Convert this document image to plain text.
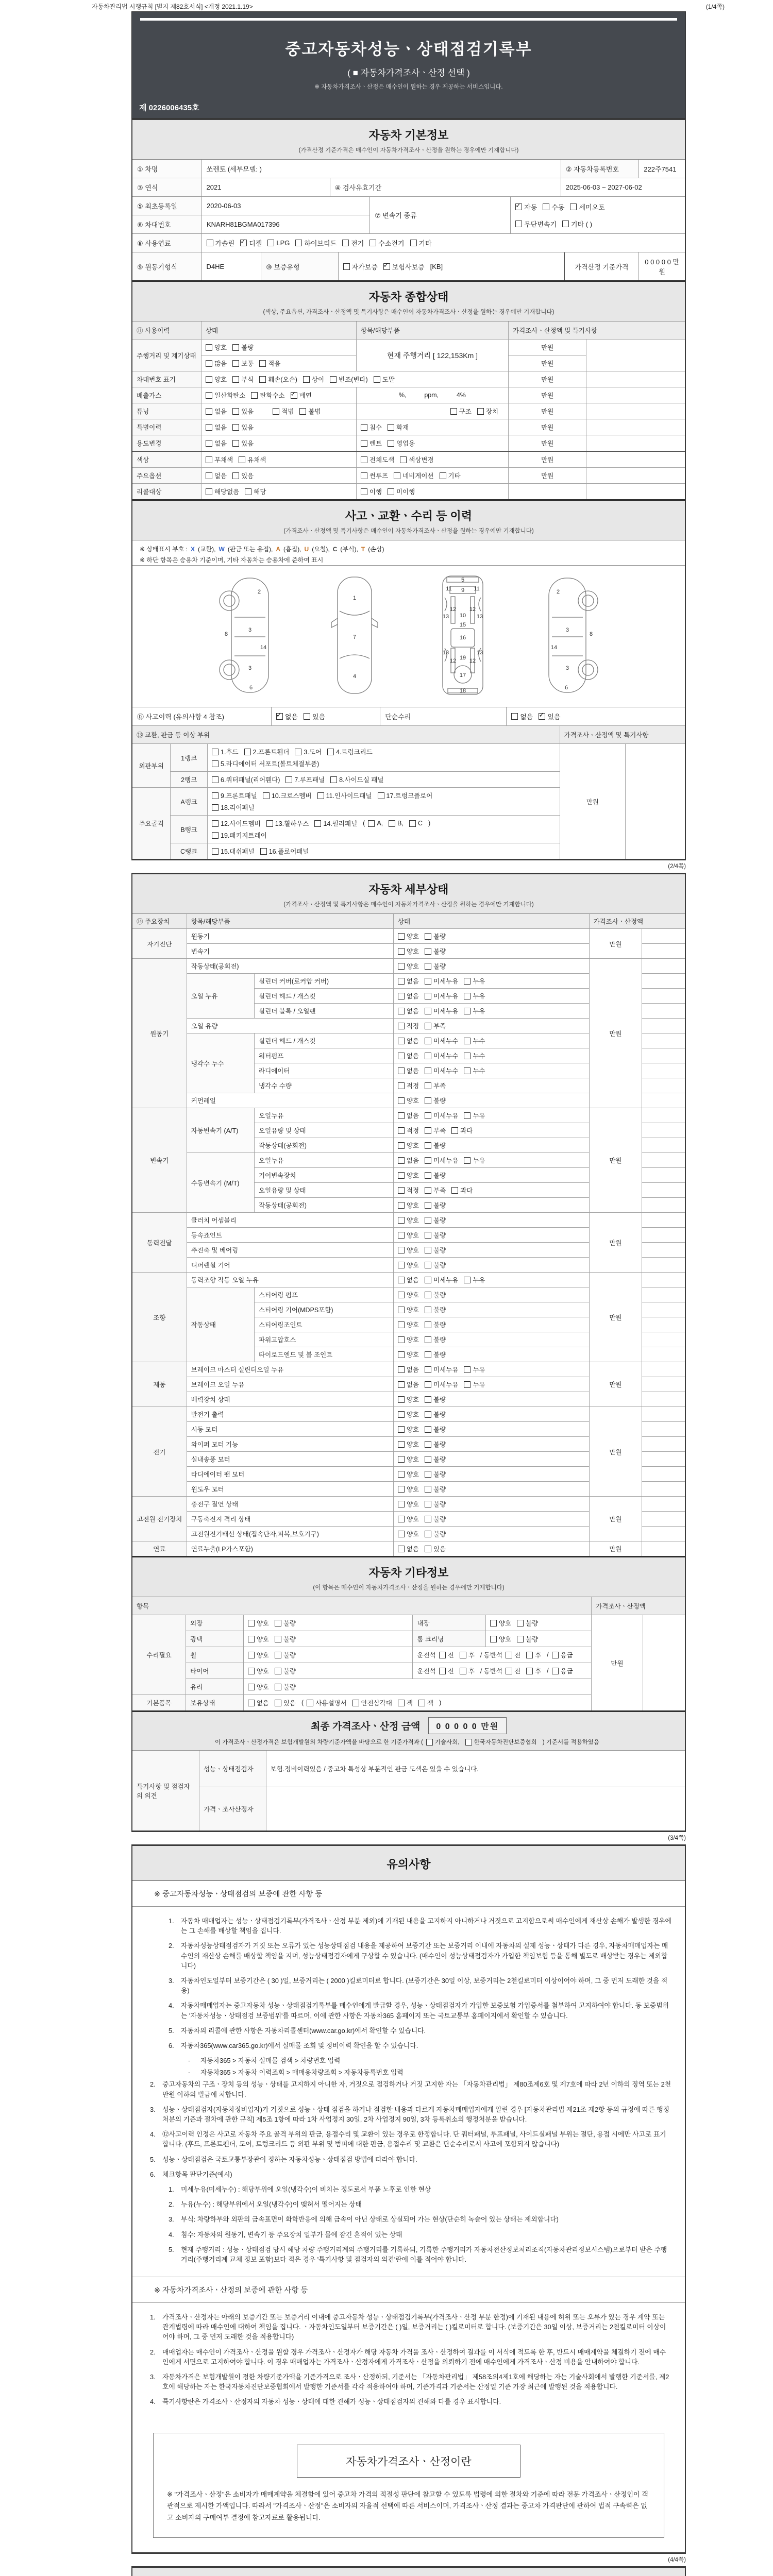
자동차관리법 시행규칙 [별지 제82호서식] <개정 2021.1.19>	(1/4쪽)
중고자동차성능ㆍ상태점검기록부
( ■ 자동차가격조사ㆍ산정 선택 )
※ 자동차가격조사ㆍ산정은 매수인이 원하는 경우 제공하는 서비스입니다.
제 0226006435호
자동차 기본정보
(가격산정 기준가격은 매수인이 자동차가격조사ㆍ산정을 원하는 경우에만 기재합니다)
① 차명	쏘렌토 (세부모델: )	② 자동차등록번호	222주7541
③ 연식	2021	④ 검사유효기간	2025-06-03 ~ 2027-06-02
⑤ 최초등록일	2020-06-03
⑥ 차대번호	KNARH81BGMA017396
⑦ 변속기 종류
✓
자동 수동 세미오토
무단변속기 기타 ( )
⑧ 사용연료	가솔린 ✓ 디젤 LPG 하이브리드 전기 수소전기 기타
⑨ 원동기형식	D4HE	⑩ 보증유형	자가보증 ✓ 보험사보증 [KB]	가격산정 기준가격
0 0 0 0 0 만원
자동차 종합상태
(색상, 주요옵션, 가격조사ㆍ산정액 및 특기사항은 매수인이 자동차가격조사ㆍ산정을 원하는 경우에만 기재합니다)
⑪ 사용이력	상태	항목/해당부품	가격조사ㆍ산정액 및 특기사항	
주행거리 및 계기상태	양호 불량	현재 주행거리 [ 122,153Km ]	만원	

	많음 보통 적음		만원	
차대번호 표기	양호 부식 훼손(오손) 상이 변조(변타) 도말	만원	
배출가스	일산화탄소 탄화수소 ✓ 매연	%,          ppm,          4%	만원	
튜닝	없음 있음 적법 불법	구조 장치	만원	
특별이력	없음 있음	침수 화재	만원	
용도변경	없음 있음	렌트 영업용	만원	
색상	무채색 유채색	전체도색 색상변경	만원	
주요옵션	없음 있음	썬루프 네비게이션 기타	만원	
리콜대상	해당없음 해당	이행 미이행		

사고ㆍ교환ㆍ수리 등 이력
(가격조사ㆍ산정액 및 특기사항은 매수인이 자동차가격조사ㆍ산정을 원하는 경우에만 기재합니다)
※ 상태표시 부호 : X (교환), W (판금 또는 용접), A (흠집), U (요철), C (부식), T (손상)
※ 하단 항목은 승용차 기준이며, 기타 자동차는 승용차에 준하여 표시
2
8
3
14
3
6
1
7
4
5
9
11	11
12 12
13	13
10
15
16
13	13
12 12
19
17
18
2
8
3
14
3
6
⑫ 사고이력 (유의사항 4 참조) ✓	없음 있음	단순수리	없음 ✓ 있음
⑬ 교환, 판금 등 이상 부위			가격조사ㆍ산정액 및 특기사항	
외판부위	1랭크	1.후드 2.프론트휀더 3.도어 4.트렁크리드
5.라디에이터 서포트(볼트체결부품)	만원	
	2랭크	6.쿼터패널(리어휀다) 7.루프패널 8.사이드실 패널		

주요골격	A랭크	9.프론트패널 10.크로스멤버 11.인사이드패널 17.트렁크플로어
18.리어패널		

B랭크	
12.사이드멤버 13.휠하우스 14.필러패널 ( A, B, C )
19.패키지트레이

	C랭크	15.대쉬패널 16.플로어패널		
(2/4쪽)
자동차 세부상태
(가격조사ㆍ산정액 및 특기사항은 매수인이 자동차가격조사ㆍ산정을 원하는 경우에만 기재합니다)
⑭ 주요장치	항목/해당부품		상태	가격조사ㆍ산정액	
자기진단	원동기		양호 불량	만원	
	변속기		양호 불량		

원동기	작동상태(공회전)		양호 불량	만원	
	오일 누유	실린더 커버(로커암 커버)	없음 미세누유 누유		

		실린더 헤드 / 개스킷	없음 미세누유 누유		

		실린더 블록 / 오일팬	없음 미세누유 누유		

	오일 유량		적정 부족		

	냉각수 누수	실린더 헤드 / 개스킷	없음 미세누수 누수		

		워터펌프	없음 미세누수 누수		

		라디에이터	없음 미세누수 누수		

		냉각수 수량	적정 부족		

	커먼레일		양호 불량		

변속기	자동변속기 (A/T)	오일누유	없음 미세누유 누유	만원	
		오일유량 및 상태	적정 부족 과다		

		작동상태(공회전)	양호 불량		

	수동변속기 (M/T)	오일누유	없음 미세누유 누유		

		기어변속장치	양호 불량		

		오일유량 및 상태	적정 부족 과다		

		작동상태(공회전)	양호 불량		

동력전달	클러치 어셈블리		양호 불량	만원	
	등속죠인트		양호 불량		

	추진축 및 베어링		양호 불량		

	디퍼렌셜 기어		양호 불량		

조향	동력조향 작동 오일 누유		없음 미세누유 누유	만원	
	작동상태	스티어링 펌프	양호 불량		

		스티어링 기어(MDPS포함)	양호 불량		

		스티어링조인트	양호 불량		

		파워고압호스	양호 불량		

		타이로드엔드 및 볼 조인트	양호 불량		

제동	브레이크 마스터 실린더오일 누유		없음 미세누유 누유	만원	
	브레이크 오일 누유		없음 미세누유 누유		

	배력장치 상태		양호 불량		

전기	발전기 출력		양호 불량	만원	
	시동 모터		양호 불량		

	와이퍼 모터 기능		양호 불량		

	실내송풍 모터		양호 불량		

	라디에이터 팬 모터		양호 불량		

	윈도우 모터		양호 불량		

고전원 전기장치	충전구 절연 상태		양호 불량	만원	
	구동축전지 격리 상태		양호 불량		

	고전원전기배선 상태(접속단자,피복,보호기구)		양호 불량		

연료	연료누출(LP가스포함)		없음 있음	만원	
자동차 기타정보
(이 항목은 매수인이 자동차가격조사ㆍ산정을 원하는 경우에만 기재합니다)
항목					가격조사ㆍ산정액	
수리필요	외장	양호 불량	내장	양호 불량	만원	
	광택	양호 불량	룸 크리닝	양호 불량		

휠	양호 불량	운전석 전 후 / 동반석 전 후 / 응급

타이어	양호 불량	운전석 전 후 / 동반석 전 후 / 응급

	유리	양호 불량				

기본품목	보유상태	없음 있음 ( 사용설명서 안전삼각대 잭 잭 )
최종 가격조사ㆍ산정 금액	0 0 0 0 0 만원
이 가격조사ㆍ산정가격은 보험개발원의 차량기준가액을 바탕으로 한 기준가격과 ( 기술사회, 한국자동차진단보증협회 ) 기준서를 적용하였음
특기사항 및 점검자의 의견	성능ㆍ상태점검자	보험.정비이력있음 / 중고차 특성상 부분적인 판금 도색은 있을 수 있습니다.
	가격ㆍ조사산정자	
(3/4쪽)
유의사항
※ 중고자동차성능ㆍ상태점검의 보증에 관한 사항 등
1.	자동차 매매업자는 성능ㆍ상태점검기록부(가격조사ㆍ산정 부분 제외)에 기재된 내용을 고지하지 아니하거나 거짓으로 고지함으로써 매수인에게 재산상 손해가 발생한 경우에는 그 손해를 배상할 책임을 집니다.
2.	자동차성능상태점검자가 거짓 또는 오류가 있는 성능상태점검 내용을 제공하여 보증기간 또는 보증거리 이내에 자동차의 실제 성능ㆍ상태가 다른 경우, 자동차매매업자는 매수인의 재산상 손해를 배상할 책임을 지며, 성능상태점검자에게 구상할 수 있습니다. (매수인이 성능상태점검자가 가입한 책임보험 등을 통해 별도로 배상받는 경우는 제외합니다)
3.	자동차인도일부터 보증기간은 ( 30 )일, 보증거리는 ( 2000 )킬로미터로 합니다. (보증기간은 30일 이상, 보증거리는 2천킬로미터 이상이어야 하며, 그 중 먼저 도래한 것을 적용)
4.	자동차매매업자는 중고자동차 성능ㆍ상태점검기록부를 매수인에게 발급할 경우, 성능ㆍ상태점검자가 가입한 보증보험 가입증서를 첨부하여 고지하여야 합니다. 동 보증범위는 '자동차성능ㆍ상태점검 보증범위'를 따르며, 이에 관한 사항은 자동차365 홈페이지 또는 국토교통부 홈페이지에서 확인할 수 있습니다.
5.	자동차의 리콜에 관한 사항은 자동차리콜센터(www.car.go.kr)에서 확인할 수 있습니다.
6.	자동차365(www.car365.go.kr)에서 실매물 조회 및 정비이력 확인을 할 수 있습니다.
-	자동차365 > 자동차 실매물 검색 > 차량번호 입력
-	자동차365 > 자동차 이력조회 > 매매용차량조회 > 자동차등록번호 입력
2.	중고자동차의 구조ㆍ장치 등의 성능ㆍ상태를 고지하지 아니한 자, 거짓으로 점검하거나 거짓 고지한 자는 「자동차관리법」 제80조제6호 및 제7호에 따라 2년 이하의 징역 또는 2천만원 이하의 벌금에 처합니다.
3.	성능ㆍ상태점검자(자동차정비업자)가 거짓으로 성능ㆍ상태 점검을 하거나 점검한 내용과 다르게 자동차매매업자에게 알린 경우 [자동차관리법 제21조 제2항 등의 규정에 따른 행정처분의 기준과 절차에 관한 규칙] 제5조 1항에 따라 1차 사업정지 30일, 2차 사업정지 90일, 3차 등록취소의 행정처분을 받습니다.
4.	⑫사고이력 인정은 사고로 자동차 주요 골격 부위의 판금, 용접수리 및 교환이 있는 경우로 한정합니다. 단 쿼터패널, 루프패널, 사이드실패널 부위는 절단, 용접 시에만 사고로 표기합니다. (후드, 프론트펜더, 도어, 트렁크리드 등 외판 부위 및 범퍼에 대한 판금, 용접수리 및 교환은 단순수리로서 사고에 포함되지 않습니다)
5.	성능ㆍ상태점검은 국토교통부장관이 정하는 자동차성능ㆍ상태점검 방법에 따라야 합니다.
6.	체크항목 판단기준(예시)
1.	미세누유(미세누수) : 해당부위에 오일(냉각수)이 비치는 정도로서 부품 노후로 인한 현상
2.	누유(누수) : 해당부위에서 오일(냉각수)이 맺혀서 떨어지는 상태
3.	부식: 차량하부와 외판의 금속표면이 화학반응에 의해 금속이 아닌 상태로 상실되어 가는 현상(단순히 녹슬어 있는 상태는 제외합니다)
4.	침수: 자동차의 원동기, 변속기 등 주요장치 일부가 물에 잠긴 흔적이 있는 상태
5.	현재 주행거리 : 성능ㆍ상태점검 당시 해당 차량 주행거리계의 주행거리를 기록하되, 기록한 주행거리가 자동차전산정보처리조직(자동차관리정보시스템)으로부터 받은 주행거리(주행거리계 교체 정보 포함)보다 적은 경우 '특기사항 및 점검자의 의견'란에 이를 적어야 합니다.
※ 자동차가격조사ㆍ산정의 보증에 관한 사항 등
1.	가격조사ㆍ산정자는 아래의 보증기간 또는 보증거리 이내에 중고자동차 성능ㆍ상태점검기록부(가격조사ㆍ산정 부분 한정)에 기재된 내용에 허위 또는 오류가 있는 경우 계약 또는 관계법령에 따라 매수인에 대하여 책임을 집니다. ㆍ자동차인도일부터 보증기간은 ( )일, 보증거리는 ( )킬로미터로 합니다. (보증기간은 30일 이상, 보증거리는 2천킬로미터 이상이어야 하며, 그 중 먼저 도래한 것을 적용합니다)
2.	매매업자는 매수인이 가격조사ㆍ산정을 원할 경우 가격조사ㆍ산정자가 해당 자동차 가격을 조사ㆍ산정하여 결과를 이 서식에 적도록 한 후, 반드시 매매계약을 체결하기 전에 매수인에게 서면으로 고지하여야 합니다. 이 경우 매매업자는 가격조사ㆍ산정자에게 가격조사ㆍ산정을 의뢰하기 전에 매수인에게 가격조사ㆍ산정 비용을 안내하여야 합니다.
3.	자동차가격은 보험개발원이 정한 차량기준가액을 기준가격으로 조사ㆍ산정하되, 기준서는 「자동차관리법」 제58조의4제1호에 해당하는 자는 기술사회에서 발행한 기준서를, 제2호에 해당하는 자는 한국자동차진단보증협회에서 발행한 기준서를 각각 적용하여야 하며, 기준가격과 기준서는 산정일 기준 가장 최근에 발행된 것을 적용합니다.
4.	특기사항란은 가격조사ㆍ산정자의 자동차 성능ㆍ상태에 대한 견해가 성능ㆍ상태점검자의 견해와 다를 경우 표시합니다.
자동차가격조사ㆍ산정이란
※ "가격조사ㆍ산정"은 소비자가 매매계약을 체결함에 있어 중고차 가격의 적절성 판단에 참고할 수 있도록 법령에 의한 절차와 기준에 따라 전문 가격조사ㆍ산정인이 객관적으로 제시한 가액입니다. 따라서 "가격조사ㆍ산정"은 소비자의 자율적 선택에 따른 서비스이며, 가격조사ㆍ산정 결과는 중고차 가격판단에 관하여 법적 구속력은 없고 소비자의 구매여부 결정에 참고자료로 활용됩니다.
(4/4쪽)
